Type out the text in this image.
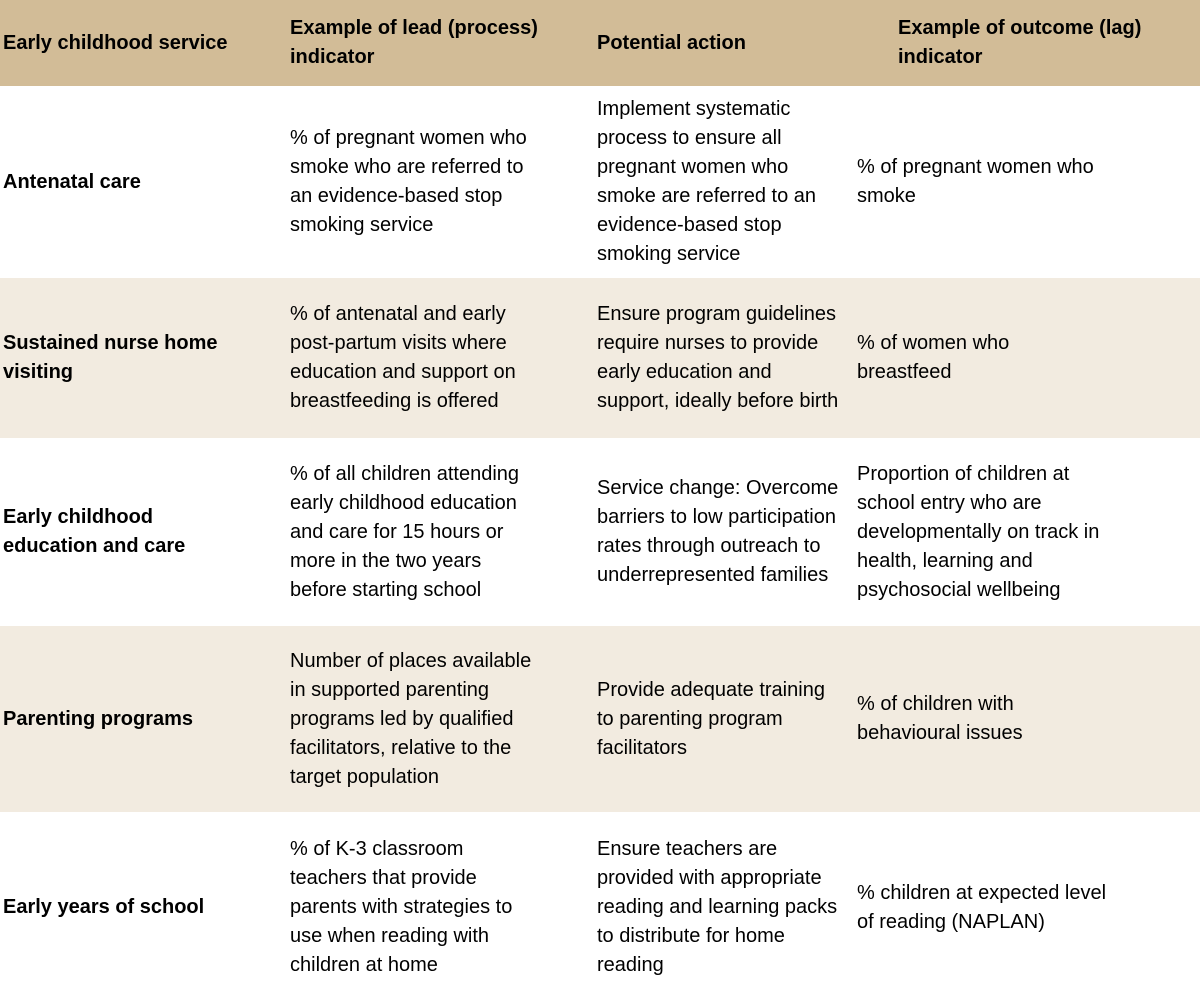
Early childhood service	Example of lead (process) indicator	Potential action	Example of outcome (lag) indicator
Antenatal care	% of pregnant women who smoke who are referred to an evidence-based stop smoking service	Implement systematic process to ensure all pregnant women who smoke are referred to an evidence-based stop smoking service	% of pregnant women who smoke
Sustained nurse home visiting	% of antenatal and early post-partum visits where education and support on breastfeeding is offered	Ensure program guidelines require nurses to provide early education and support, ideally before birth	% of women who breastfeed
Early childhood education and care	% of all children attending early childhood education and care for 15 hours or more in the two years before starting school	Service change: Overcome barriers to low participation rates through outreach to underrepresented families	Proportion of children at school entry who are developmentally on track in health, learning and psychosocial wellbeing
Parenting programs	Number of places available in supported parenting programs led by qualified facilitators, relative to the target population	Provide adequate training to parenting program facilitators	% of children with behavioural issues
Early years of school	% of K-3 classroom teachers that provide parents with strategies to use when reading with children at home	Ensure teachers are provided with appropriate reading and learning packs to distribute for home reading	% children at expected level of reading (NAPLAN)
